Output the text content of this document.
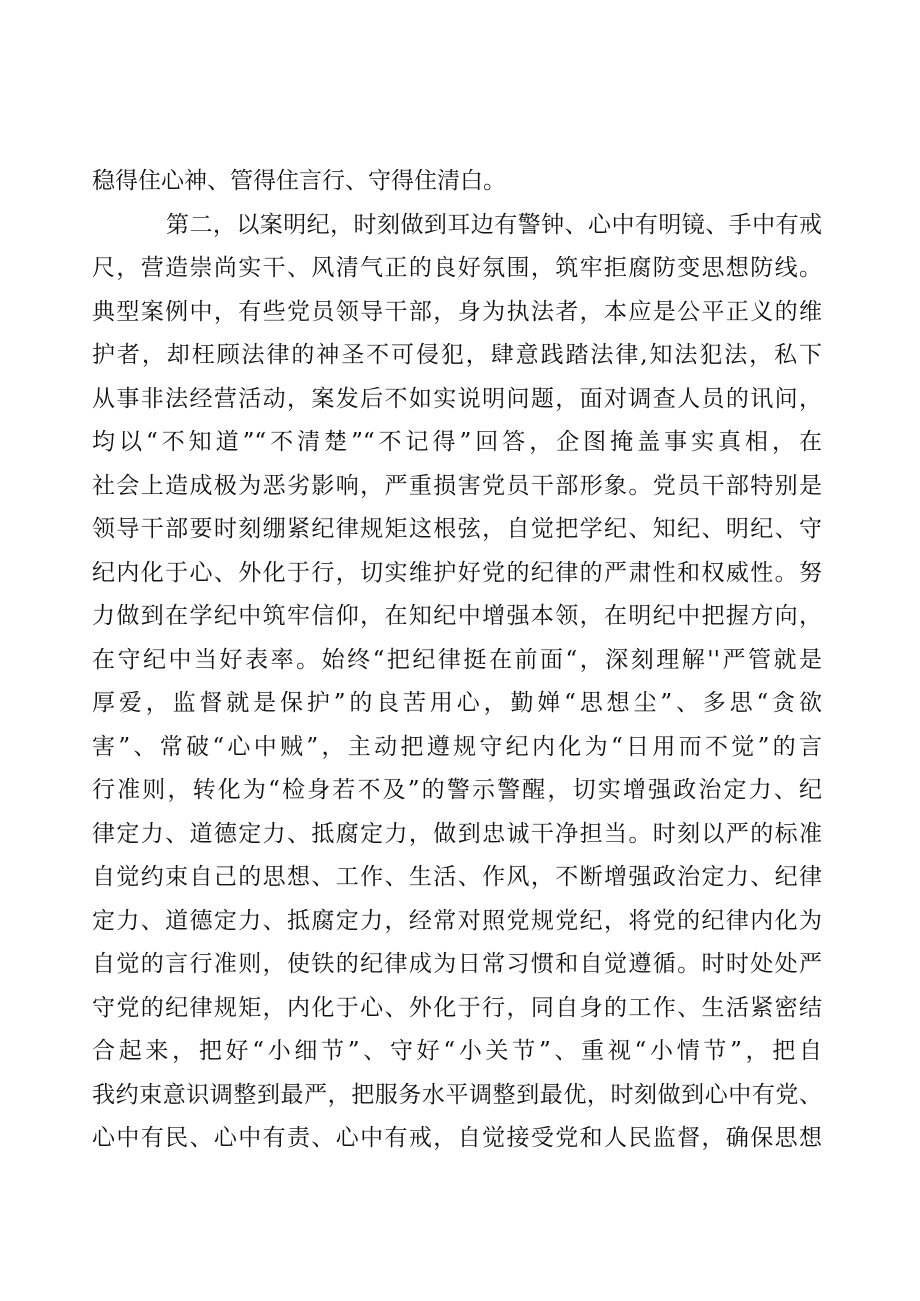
稳得住心神、管得住言行、守得住清白。
第二，以案明纪，时刻做到耳边有警钟、心中有明镜、手中有戒
尺，营造崇尚实干、风清气正的良好氛围，筑牢拒腐防变思想防线。
典型案例中，有些党员领导干部，身为执法者，本应是公平正义的维
护者，却枉顾法律的神圣不可侵犯，肆意践踏法律,知法犯法，私下
从事非法经营活动，案发后不如实说明问题，面对调查人员的讯问，
均以“不知道”“不清楚”“不记得”回答，企图掩盖事实真相，在
社会上造成极为恶劣影响，严重损害党员干部形象。党员干部特别是
领导干部要时刻绷紧纪律规矩这根弦，自觉把学纪、知纪、明纪、守
纪内化于心、外化于行，切实维护好党的纪律的严肃性和权威性。努
力做到在学纪中筑牢信仰，在知纪中增强本领，在明纪中把握方向，
在守纪中当好表率。始终“把纪律挺在前面“，深刻理解''严管就是
厚爱，监督就是保护”的良苦用心，勤婵“思想尘”、多思“贪欲
害”、常破“心中贼”，主动把遵规守纪内化为“日用而不觉”的言
行准则，转化为“检身若不及”的警示警醒，切实增强政治定力、纪
律定力、道德定力、抵腐定力，做到忠诚干净担当。时刻以严的标准
自觉约束自己的思想、工作、生活、作风，不断增强政治定力、纪律
定力、道德定力、抵腐定力，经常对照党规党纪，将党的纪律内化为
自觉的言行准则，使铁的纪律成为日常习惯和自觉遵循。时时处处严
守党的纪律规矩，内化于心、外化于行，同自身的工作、生活紧密结
合起来，把好“小细节”、守好“小关节”、重视“小情节”，把自
我约束意识调整到最严，把服务水平调整到最优，时刻做到心中有党、
心中有民、心中有责、心中有戒，自觉接受党和人民监督，确保思想
